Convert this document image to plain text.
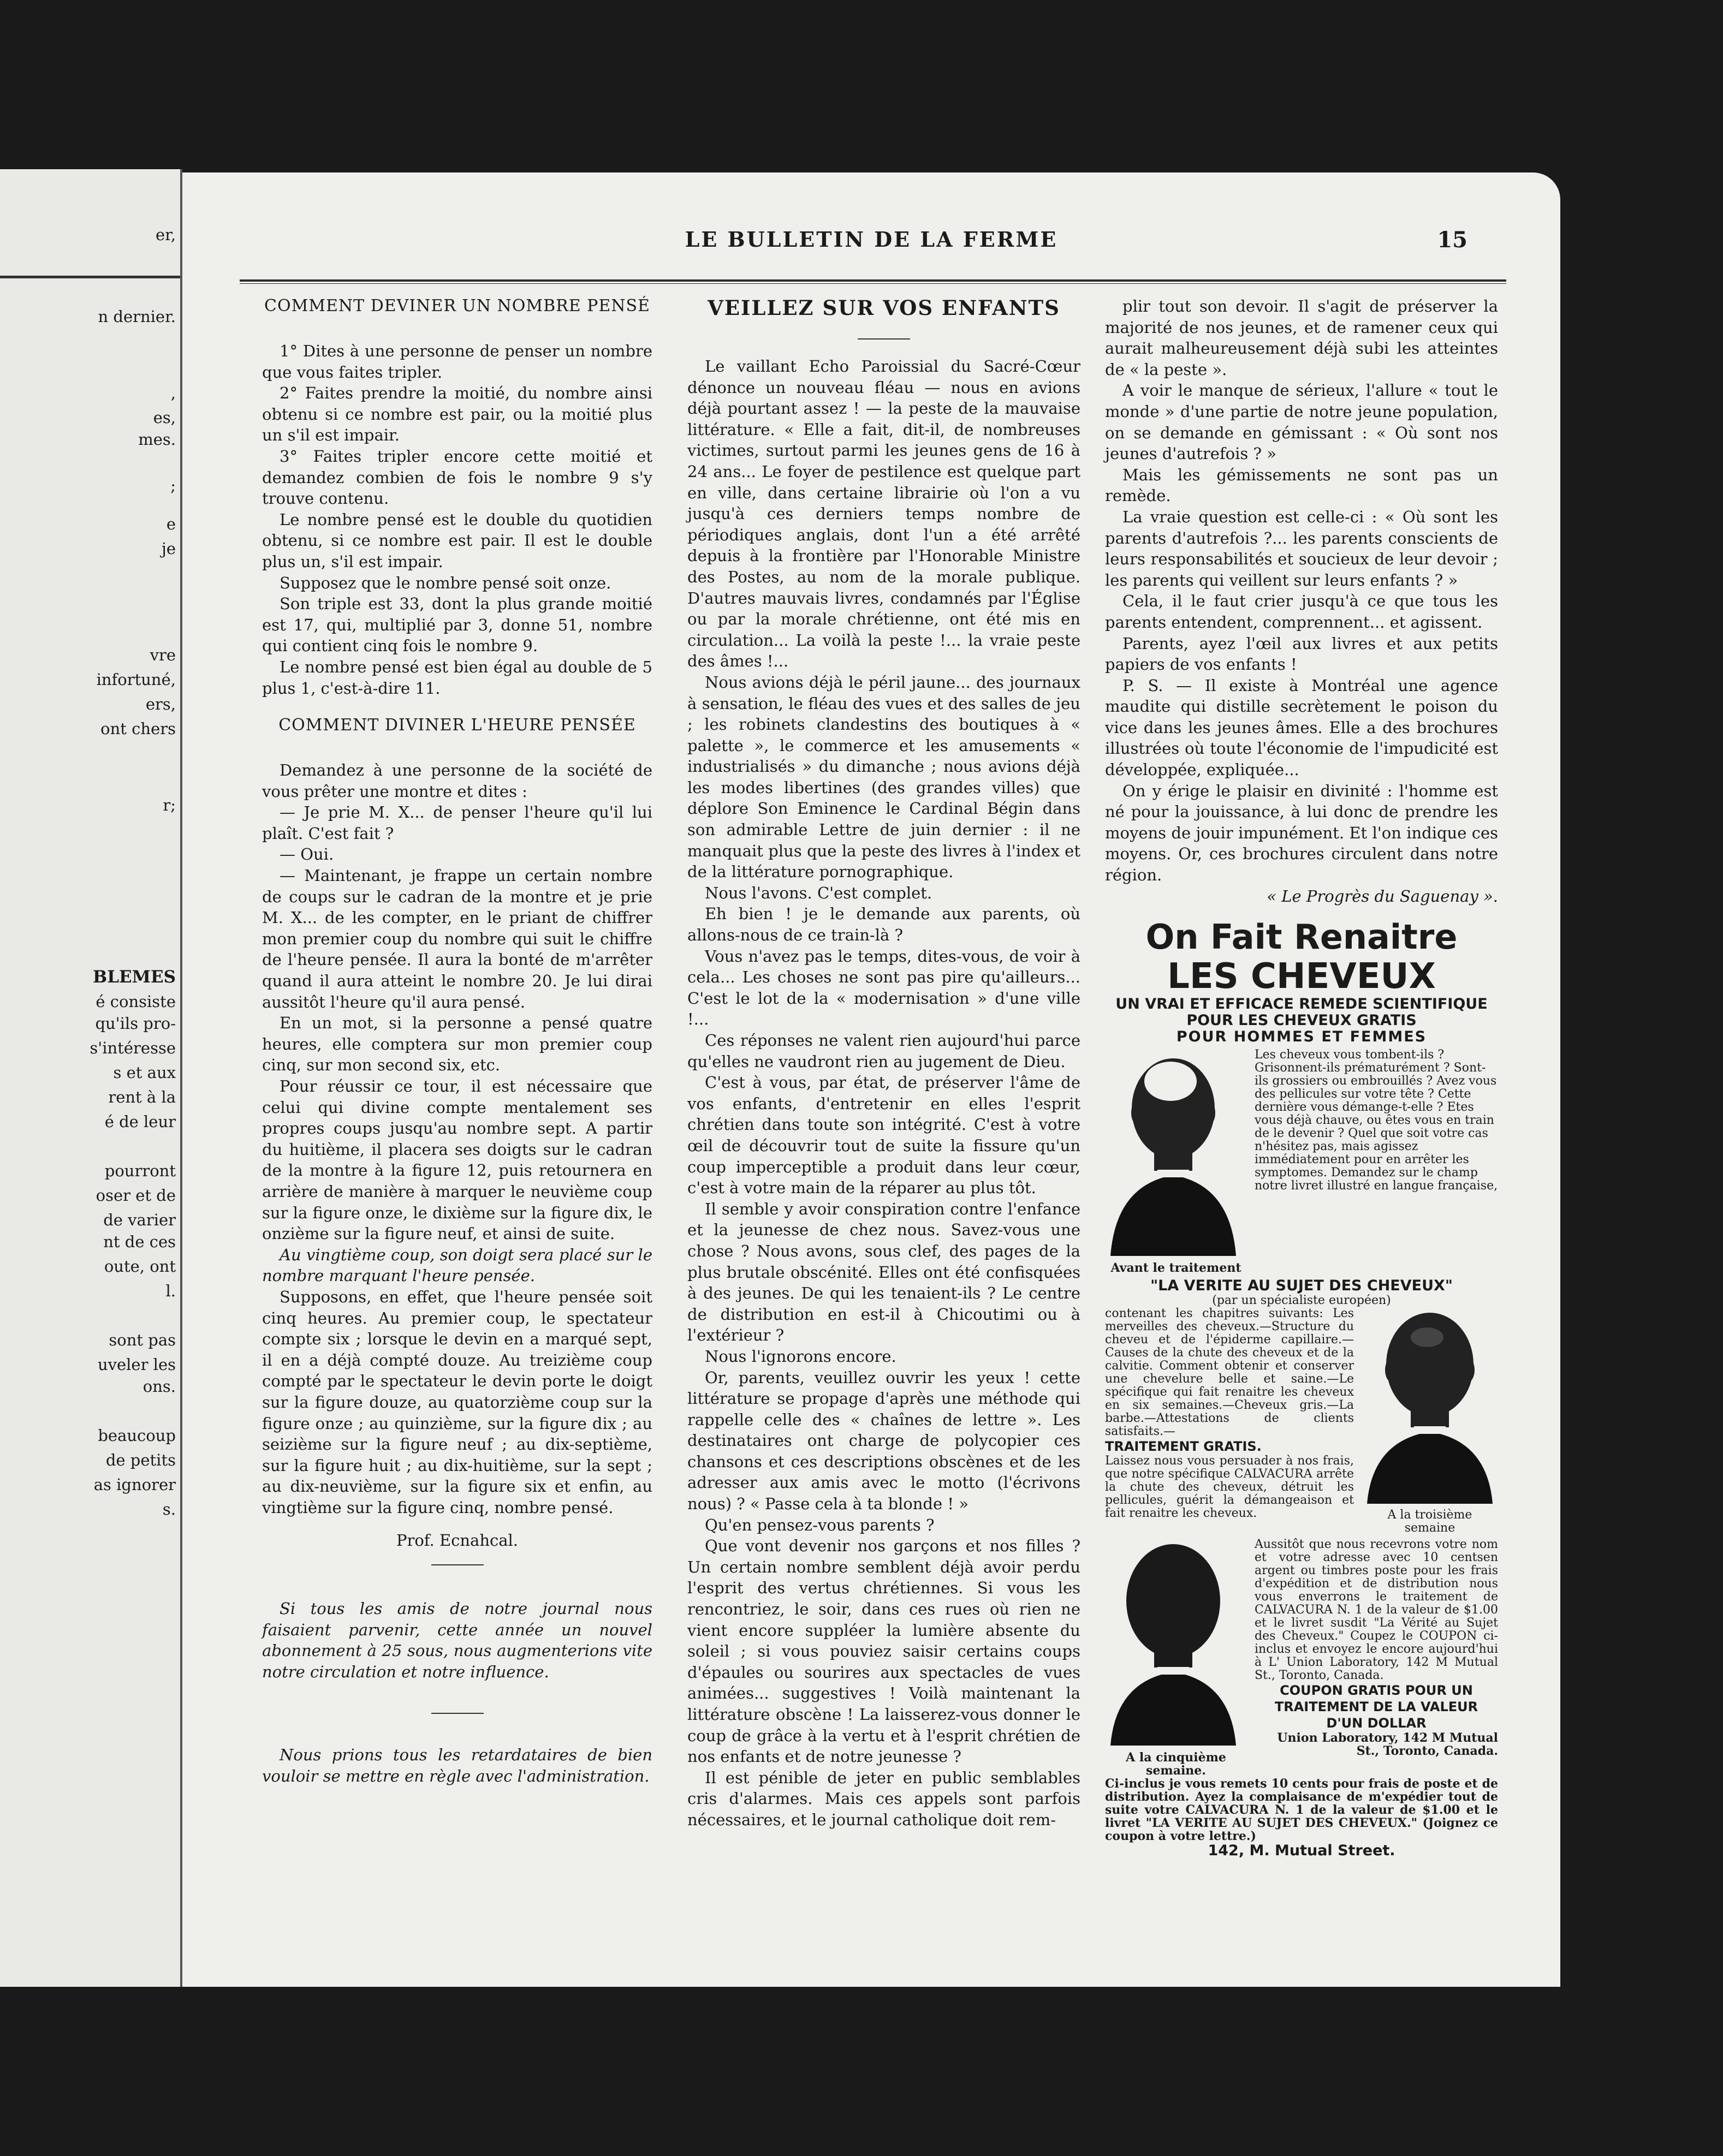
er,
n dernier.
,
es,
mes.
;
e
je
vre
infortuné,
ers,
ont chers
r;
BLEMES
é consiste
qu'ils pro-
s'intéresse
s et aux
rent à la
é de leur
pourront
oser et de
de varier
nt de ces
oute, ont
l.
sont pas
uveler les
ons.
beaucoup
de petits
as ignorer
s.
LE BULLETIN DE LA FERME	15
COMMENT DEVINER UN NOMBRE PENSÉ

1° Dites à une personne de penser un nombre que vous faites tripler.

2° Faites prendre la moitié, du nombre ainsi obtenu si ce nombre est pair, ou la moitié plus un s'il est impair.

3° Faites tripler encore cette moitié et demandez combien de fois le nombre 9 s'y trouve contenu.

Le nombre pensé est le double du quotidien obtenu, si ce nombre est pair. Il est le double plus un, s'il est impair.

Supposez que le nombre pensé soit onze.

Son triple est 33, dont la plus grande moitié est 17, qui, multiplié par 3, donne 51, nombre qui contient cinq fois le nombre 9.

Le nombre pensé est bien égal au double de 5 plus 1, c'est-à-dire 11.

COMMENT DIVINER L'HEURE PENSÉE

Demandez à une personne de la société de vous prêter une montre et dites :

— Je prie M. X... de penser l'heure qu'il lui plaît. C'est fait ?

— Oui.

— Maintenant, je frappe un certain nombre de coups sur le cadran de la montre et je prie M. X... de les compter, en le priant de chiffrer mon premier coup du nombre qui suit le chiffre de l'heure pensée. Il aura la bonté de m'arrêter quand il aura atteint le nombre 20. Je lui dirai aussitôt l'heure qu'il aura pensé.

En un mot, si la personne a pensé quatre heures, elle comptera sur mon premier coup cinq, sur mon second six, etc.

Pour réussir ce tour, il est nécessaire que celui qui divine compte mentalement ses propres coups jusqu'au nombre sept. A partir du huitième, il placera ses doigts sur le cadran de la montre à la figure 12, puis retournera en arrière de manière à marquer le neuvième coup sur la figure onze, le dixième sur la figure dix, le onzième sur la figure neuf, et ainsi de suite.

Au vingtième coup, son doigt sera placé sur le nombre marquant l'heure pensée.

Supposons, en effet, que l'heure pensée soit cinq heures. Au premier coup, le spectateur compte six ; lorsque le devin en a marqué sept, il en a déjà compté douze. Au treizième coup compté par le spectateur le devin porte le doigt sur la figure douze, au quatorzième coup sur la figure onze ; au quinzième, sur la figure dix ; au seizième sur la figure neuf ; au dix-septième, sur la figure huit ; au dix-huitième, sur la sept ; au dix-neuvième, sur la figure six et enfin, au vingtième sur la figure cinq, nombre pensé.

Prof. Ecnahcal.

Si tous les amis de notre journal nous faisaient parvenir, cette année un nouvel abonnement à 25 sous, nous augmenterions vite notre circulation et notre influence.

Nous prions tous les retardataires de bien vouloir se mettre en règle avec l'administration.

VEILLEZ SUR VOS ENFANTS

Le vaillant Echo Paroissial du Sacré-Cœur dénonce un nouveau fléau — nous en avions déjà pourtant assez ! — la peste de la mauvaise littérature. « Elle a fait, dit-il, de nombreuses victimes, surtout parmi les jeunes gens de 16 à 24 ans... Le foyer de pestilence est quelque part en ville, dans certaine librairie où l'on a vu jusqu'à ces derniers temps nombre de périodiques anglais, dont l'un a été arrêté depuis à la frontière par l'Honorable Ministre des Postes, au nom de la morale publique. D'autres mauvais livres, condamnés par l'Église ou par la morale chrétienne, ont été mis en circulation... La voilà la peste !... la vraie peste des âmes !...

Nous avions déjà le péril jaune... des journaux à sensation, le fléau des vues et des salles de jeu ; les robinets clandestins des boutiques à « palette », le commerce et les amusements « industrialisés » du dimanche ; nous avions déjà les modes libertines (des grandes villes) que déplore Son Eminence le Cardinal Bégin dans son admirable Lettre de juin dernier : il ne manquait plus que la peste des livres à l'index et de la littérature pornographique.

Nous l'avons. C'est complet.

Eh bien ! je le demande aux parents, où allons-nous de ce train-là ?

Vous n'avez pas le temps, dites-vous, de voir à cela... Les choses ne sont pas pire qu'ailleurs... C'est le lot de la « modernisation » d'une ville !...

Ces réponses ne valent rien aujourd'hui parce qu'elles ne vaudront rien au jugement de Dieu.

C'est à vous, par état, de préserver l'âme de vos enfants, d'entretenir en elles l'esprit chrétien dans toute son intégrité. C'est à votre œil de découvrir tout de suite la fissure qu'un coup imperceptible a produit dans leur cœur, c'est à votre main de la réparer au plus tôt.

Il semble y avoir conspiration contre l'enfance et la jeunesse de chez nous. Savez-vous une chose ? Nous avons, sous clef, des pages de la plus brutale obscénité. Elles ont été confisquées à des jeunes. De qui les tenaient-ils ? Le centre de distribution en est-il à Chicoutimi ou à l'extérieur ?

Nous l'ignorons encore.

Or, parents, veuillez ouvrir les yeux ! cette littérature se propage d'après une méthode qui rappelle celle des « chaînes de lettre ». Les destinataires ont charge de polycopier ces chansons et ces descriptions obscènes et de les adresser aux amis avec le motto (l'écrivons nous) ? « Passe cela à ta blonde ! »

Qu'en pensez-vous parents ?

Que vont devenir nos garçons et nos filles ? Un certain nombre semblent déjà avoir perdu l'esprit des vertus chrétiennes. Si vous les rencontriez, le soir, dans ces rues où rien ne vient encore suppléer la lumière absente du soleil ; si vous pouviez saisir certains coups d'épaules ou sourires aux spectacles de vues animées... suggestives ! Voilà maintenant la littérature obscène ! La laisserez-vous donner le coup de grâce à la vertu et à l'esprit chrétien de nos enfants et de notre jeunesse ?

Il est pénible de jeter en public semblables cris d'alarmes. Mais ces appels sont parfois nécessaires, et le journal catholique doit rem-

plir tout son devoir. Il s'agit de préserver la majorité de nos jeunes, et de ramener ceux qui aurait malheureusement déjà subi les atteintes de « la peste ».

A voir le manque de sérieux, l'allure « tout le monde » d'une partie de notre jeune population, on se demande en gémissant : « Où sont nos jeunes d'autrefois ? »

Mais les gémissements ne sont pas un remède.

La vraie question est celle-ci : « Où sont les parents d'autrefois ?... les parents conscients de leurs responsabilités et soucieux de leur devoir ; les parents qui veillent sur leurs enfants ? »

Cela, il le faut crier jusqu'à ce que tous les parents entendent, comprennent... et agissent.

Parents, ayez l'œil aux livres et aux petits papiers de vos enfants !

P. S. — Il existe à Montréal une agence maudite qui distille secrètement le poison du vice dans les jeunes âmes. Elle a des brochures illustrées où toute l'économie de l'impudicité est développée, expliquée...

On y érige le plaisir en divinité : l'homme est né pour la jouissance, à lui donc de prendre les moyens de jouir impunément. Et l'on indique ces moyens. Or, ces brochures circulent dans notre région.

« Le Progrès du Saguenay ».

On Fait Renaitre
LES CHEVEUX
UN VRAI ET EFFICACE REMEDE SCIENTIFIQUE POUR LES CHEVEUX GRATIS
POUR HOMMES ET FEMMES
Avant le traitement
Les cheveux vous tombent-ils ? Grisonnent-ils prématurément ? Sont-ils grossiers ou embrouillés ? Avez vous des pellicules sur votre tête ? Cette dernière vous démange-t-elle ? Etes vous déjà chauve, ou êtes vous en train de le devenir ? Quel que soit votre cas n'hésitez pas, mais agissez immédiatement pour en arrêter les symptomes. Demandez sur le champ notre livret illustré en langue française,
"LA VERITE AU SUJET DES CHEVEUX"
(par un spécialiste européen)
contenant les chapitres suivants: Les merveilles des cheveux.—Structure du cheveu et de l'épiderme capillaire.—Causes de la chute des cheveux et de la calvitie. Comment obtenir et conserver une chevelure belle et saine.—Le spécifique qui fait renaitre les cheveux en six semaines.—Cheveux gris.—La barbe.—Attestations de clients satisfaits.—
TRAITEMENT GRATIS.
Laissez nous vous persuader à nos frais, que notre spécifique CALVACURA arrête la chute des cheveux, détruit les pellicules, guérit la démangeaison et fait renaitre les cheveux.	A la troisième semaine
A la cinquième semaine.
Aussitôt que nous recevrons votre nom et votre adresse avec 10 centsen argent ou timbres poste pour les frais d'expédition et de distribution nous vous enverrons le traitement de CALVACURA N. 1 de la valeur de $1.00 et le livret susdit "La Vérité au Sujet des Cheveux." Coupez le COUPON ci-inclus et envoyez le encore aujourd'hui à L' Union Laboratory, 142 M Mutual St., Toronto, Canada.
COUPON GRATIS POUR UN TRAITEMENT DE LA VALEUR D'UN DOLLAR
Union Laboratory, 142 M Mutual St., Toronto, Canada.
Ci-inclus je vous remets 10 cents pour frais de poste et de distribution. Ayez la complaisance de m'expédier tout de suite votre CALVACURA N. 1 de la valeur de $1.00 et le livret "LA VERITE AU SUJET DES CHEVEUX." (Joignez ce coupon à votre lettre.)
142, M. Mutual Street.
